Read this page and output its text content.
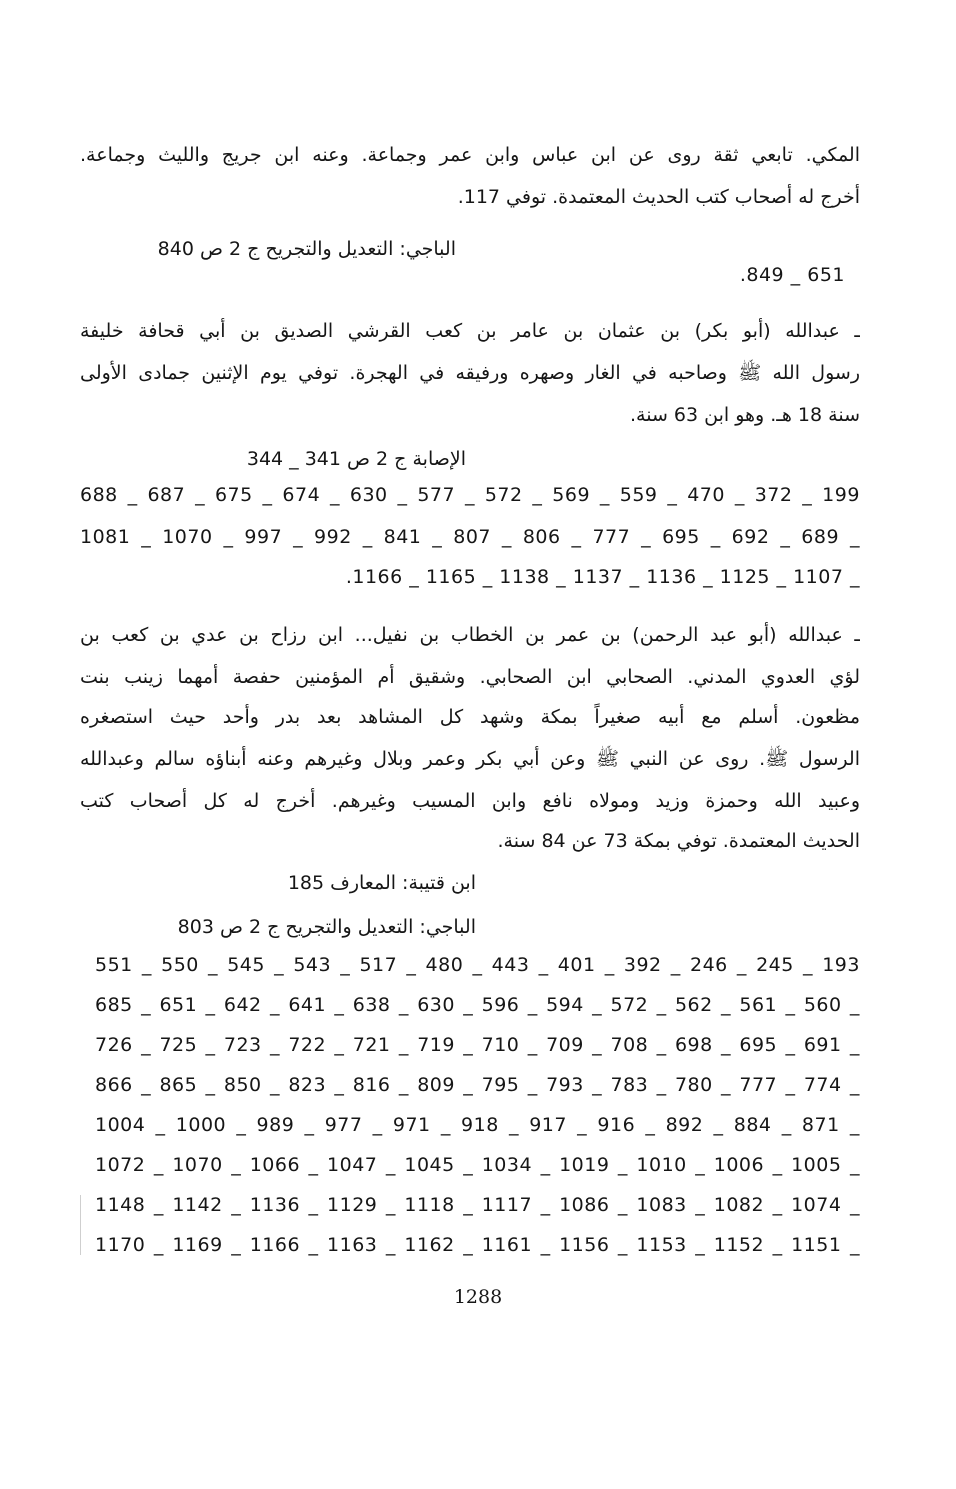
المكي. تابعي ثقة روى عن ابن عباس وابن عمر وجماعة. وعنه ابن جريج والليث وجماعة.
أخرج له أصحاب كتب الحديث المعتمدة. توفي 117.
الباجي: التعديل والتجريح ج 2 ص 840
651 _ 849.
ـ عبدالله (أبو بكر) بن عثمان بن عامر بن كعب القرشي الصديق بن أبي قحافة خليفة
رسول الله ﷺ وصاحبه في الغار وصهره ورفيقه في الهجرة. توفي يوم الإثنين جمادى الأولى
سنة 18 هـ. وهو ابن 63 سنة.
الإصابة ج 2 ص 341 _ 344
199 _ 372 _ 470 _ 559 _ 569 _ 572 _ 577 _ 630 _ 674 _ 675 _ 687 _ 688
_ 689 _ 692 _ 695 _ 777 _ 806 _ 807 _ 841 _ 992 _ 997 _ 1070 _ 1081
_ 1107 _ 1125 _ 1136 _ 1137 _ 1138 _ 1165 _ 1166.
ـ عبدالله (أبو عبد الرحمن) بن عمر بن الخطاب بن نفيل... ابن رزاح بن عدي بن كعب بن
لؤي العدوي المدني. الصحابي ابن الصحابي. وشقيق أم المؤمنين حفصة أمهما زينب بنت
مظعون. أسلم مع أبيه صغيراً بمكة وشهد كل المشاهد بعد بدر وأحد حيث استصغره
الرسول ﷺ. روى عن النبي ﷺ وعن أبي بكر وعمر وبلال وغيرهم وعنه أبناؤه سالم وعبدالله
وعبيد الله وحمزة وزيد ومولاه نافع وابن المسيب وغيرهم. أخرج له كل أصحاب كتب
الحديث المعتمدة. توفي بمكة 73 عن 84 سنة.
ابن قتيبة: المعارف 185
الباجي: التعديل والتجريح ج 2 ص 803
193 _ 245 _ 246 _ 392 _ 401 _ 443 _ 480 _ 517 _ 543 _ 545 _ 550 _ 551
_ 560 _ 561 _ 562 _ 572 _ 594 _ 596 _ 630 _ 638 _ 641 _ 642 _ 651 _ 685
_ 691 _ 695 _ 698 _ 708 _ 709 _ 710 _ 719 _ 721 _ 722 _ 723 _ 725 _ 726
_ 774 _ 777 _ 780 _ 783 _ 793 _ 795 _ 809 _ 816 _ 823 _ 850 _ 865 _ 866
_ 871 _ 884 _ 892 _ 916 _ 917 _ 918 _ 971 _ 977 _ 989 _ 1000 _ 1004
_ 1005 _ 1006 _ 1010 _ 1019 _ 1034 _ 1045 _ 1047 _ 1066 _ 1070 _ 1072
_ 1074 _ 1082 _ 1083 _ 1086 _ 1117 _ 1118 _ 1129 _ 1136 _ 1142 _ 1148
_ 1151 _ 1152 _ 1153 _ 1156 _ 1161 _ 1162 _ 1163 _ 1166 _ 1169 _ 1170
1288
